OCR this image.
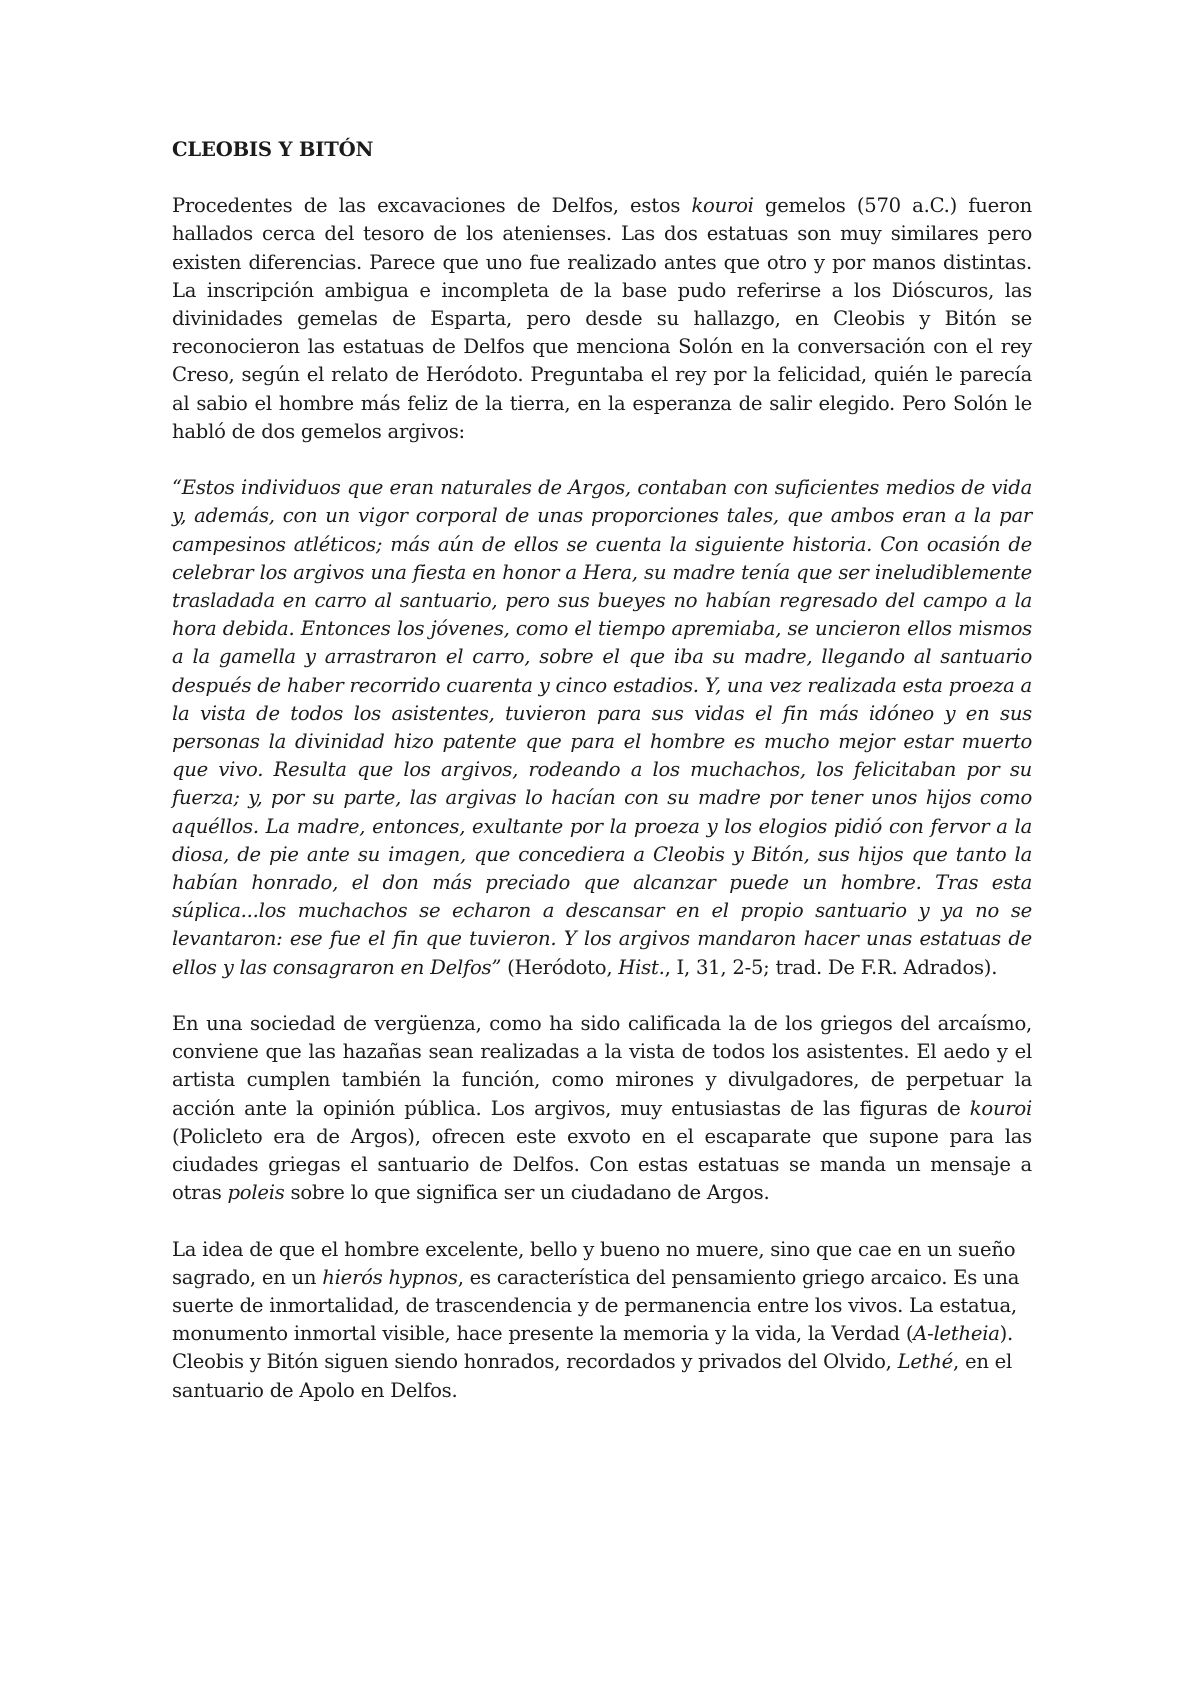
CLEOBIS Y BITÓN

Procedentes de las excavaciones de Delfos, estos kouroi gemelos (570 a.C.) fueron hallados cerca del tesoro de los atenienses. Las dos estatuas son muy similares pero existen diferencias. Parece que uno fue realizado antes que otro y por manos distintas. La inscripción ambigua e incompleta de la base pudo referirse a los Dióscuros, las divinidades gemelas de Esparta, pero desde su hallazgo, en Cleobis y Bitón se reconocieron las estatuas de Delfos que menciona Solón en la conversación con el rey Creso, según el relato de Heródoto. Preguntaba el rey por la felicidad, quién le parecía al sabio el hombre más feliz de la tierra, en la esperanza de salir elegido. Pero Solón le habló de dos gemelos argivos:

“Estos individuos que eran naturales de Argos, contaban con suficientes medios de vida y, además, con un vigor corporal de unas proporciones tales, que ambos eran a la par campesinos atléticos; más aún de ellos se cuenta la siguiente historia. Con ocasión de celebrar los argivos una fiesta en honor a Hera, su madre tenía que ser ineludiblemente trasladada en carro al santuario, pero sus bueyes no habían regresado del campo a la hora debida. Entonces los jóvenes, como el tiempo apremiaba, se uncieron ellos mismos a la gamella y arrastraron el carro, sobre el que iba su madre, llegando al santuario después de haber recorrido cuarenta y cinco estadios. Y, una vez realizada esta proeza a la vista de todos los asistentes, tuvieron para sus vidas el fin más idóneo y en sus personas la divinidad hizo patente que para el hombre es mucho mejor estar muerto que vivo. Resulta que los argivos, rodeando a los muchachos, los felicitaban por su fuerza; y, por su parte, las argivas lo hacían con su madre por tener unos hijos como aquéllos. La madre, entonces, exultante por la proeza y los elogios pidió con fervor a la diosa, de pie ante su imagen, que concediera a Cleobis y Bitón, sus hijos que tanto la habían honrado, el don más preciado que alcanzar puede un hombre. Tras esta súplica...los muchachos se echaron a descansar en el propio santuario y ya no se levantaron: ese fue el fin que tuvieron. Y los argivos mandaron hacer unas estatuas de ellos y las consagraron en Delfos” (Heródoto, Hist., I, 31, 2-5; trad. De F.R. Adrados).

En una sociedad de vergüenza, como ha sido calificada la de los griegos del arcaísmo, conviene que las hazañas sean realizadas a la vista de todos los asistentes. El aedo y el artista cumplen también la función, como mirones y divulgadores, de perpetuar la acción ante la opinión pública. Los argivos, muy entusiastas de las figuras de kouroi (Policleto era de Argos), ofrecen este exvoto en el escaparate que supone para las ciudades griegas el santuario de Delfos. Con estas estatuas se manda un mensaje a otras poleis sobre lo que significa ser un ciudadano de Argos.

La idea de que el hombre excelente, bello y bueno no muere, sino que cae en un sueño sagrado, en un hierós hypnos, es característica del pensamiento griego arcaico. Es una suerte de inmortalidad, de trascendencia y de permanencia entre los vivos. La estatua, monumento inmortal visible, hace presente la memoria y la vida, la Verdad (A-letheia). Cleobis y Bitón siguen siendo honrados, recordados y privados del Olvido, Lethé, en el santuario de Apolo en Delfos.
